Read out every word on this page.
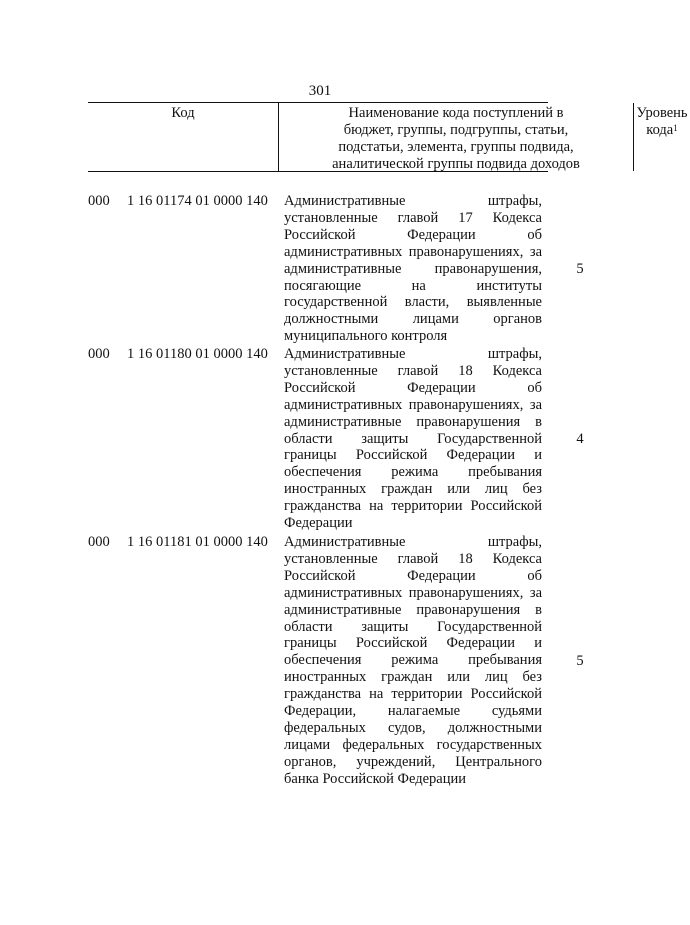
301
Код	Наименование кода поступлений в
бюджет, группы, подгруппы, статьи,
подстатьи, элемента, группы подвида,
аналитической группы подвида доходов
Уровень
кода$^1$
000 1 16 01174 01 0000 140 Административные штрафы,
установленные главой 17 Кодекса
Российской Федерации об
административных правонарушениях, за
административные правонарушения,
посягающие на институты
государственной власти, выявленные
должностными лицами органов
муниципального контроля
5
000 1 16 01180 01 0000 140 Административные штрафы,
установленные главой 18 Кодекса
Российской Федерации об
административных правонарушениях, за
административные правонарушения в
области защиты Государственной
границы Российской Федерации и
обеспечения режима пребывания
иностранных граждан или лиц без
гражданства на территории Российской
Федерации
4
000 1 16 01181 01 0000 140 Административные штрафы,
установленные главой 18 Кодекса
Российской Федерации об
административных правонарушениях, за
административные правонарушения в
области защиты Государственной
границы Российской Федерации и
обеспечения режима пребывания
иностранных граждан или лиц без
гражданства на территории Российской
Федерации, налагаемые судьями
федеральных судов, должностными
лицами федеральных государственных
органов, учреждений, Центрального
банка Российской Федерации
5
